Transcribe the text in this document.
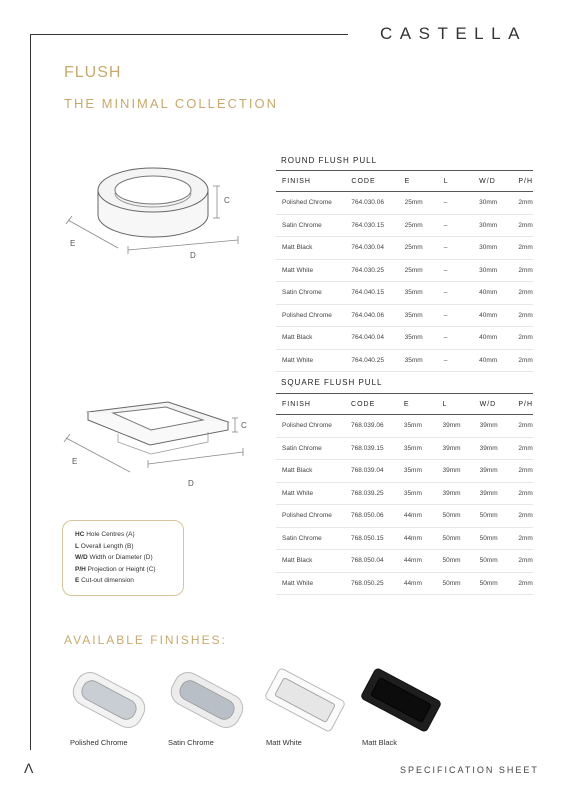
CASTELLA
FLUSH
THE MINIMAL COLLECTION
C
D
E
C
D
E
ROUND FLUSH PULL
FINISH	CODE	E	L	W/D	P/H
Polished Chrome	764.030.06	25mm	–	30mm	2mm
Satin Chrome	764.030.15	25mm	–	30mm	2mm
Matt Black	764.030.04	25mm	–	30mm	2mm
Matt White	764.030.25	25mm	–	30mm	2mm
Satin Chrome	764.040.15	35mm	–	40mm	2mm
Polished Chrome	764.040.06	35mm	–	40mm	2mm
Matt Black	764.040.04	35mm	–	40mm	2mm
Matt White	764.040.25	35mm	–	40mm	2mm
SQUARE FLUSH PULL
FINISH	CODE	E	L	W/D	P/H
Polished Chrome	768.039.06	35mm	39mm	39mm	2mm
Satin Chrome	768.039.15	35mm	39mm	39mm	2mm
Matt Black	768.039.04	35mm	39mm	39mm	2mm
Matt White	768.039.25	35mm	39mm	39mm	2mm
Polished Chrome	768.050.06	44mm	50mm	50mm	2mm
Satin Chrome	768.050.15	44mm	50mm	50mm	2mm
Matt Black	768.050.04	44mm	50mm	50mm	2mm
Matt White	768.050.25	44mm	50mm	50mm	2mm
HC Hole Centres (A)
L Overall Length (B)
W/D Width or Diameter (D)
P/H Projection or Height (C)
E Cut-out dimension
AVAILABLE FINISHES:
Polished Chrome	Satin Chrome	Matt White	Matt Black
Λ	SPECIFICATION SHEET
